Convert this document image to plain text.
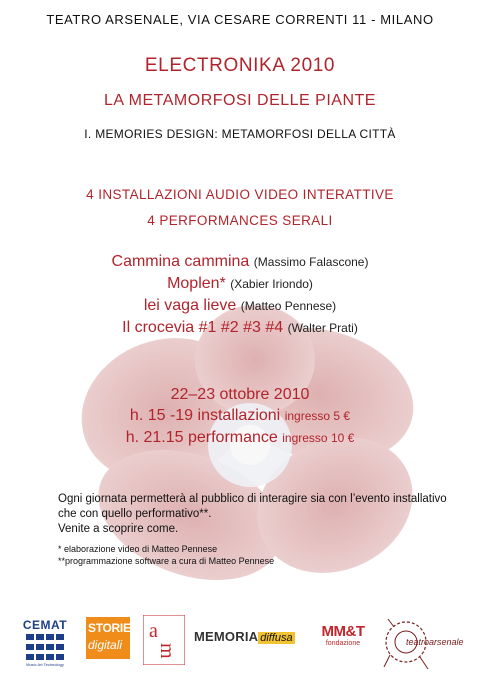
TEATRO ARSENALE, VIA CESARE CORRENTI 11 - MILANO
ELECTRONIKA 2010
LA METAMORFOSI DELLE PIANTE
I. MEMORIES DESIGN: METAMORFOSI DELLA CITTÀ
4 INSTALLAZIONI AUDIO VIDEO INTERATTIVE
4 PERFORMANCES SERALI
Cammina cammina (Massimo Falascone)
Moplen* (Xabier Iriondo)
lei vaga lieve (Matteo Pennese)
Il crocevia #1 #2 #3 #4 (Walter Prati)
22–23 ottobre 2010
h. 15 -19 installazioni ingresso 5 €
h. 21.15 performance ingresso 10 €
Ogni giornata permetterà al pubblico di interagire sia con l’evento installativo che con quello performativo**.
Venite a scoprire come.
* elaborazione video di Matteo Pennese
**programmazione software a cura di Matteo Pennese
CEMAT
Music Art Technology
STORIE
digitali
a
m
MEMORIA diffusa	MM&T
fondazione	teatroarsenale
